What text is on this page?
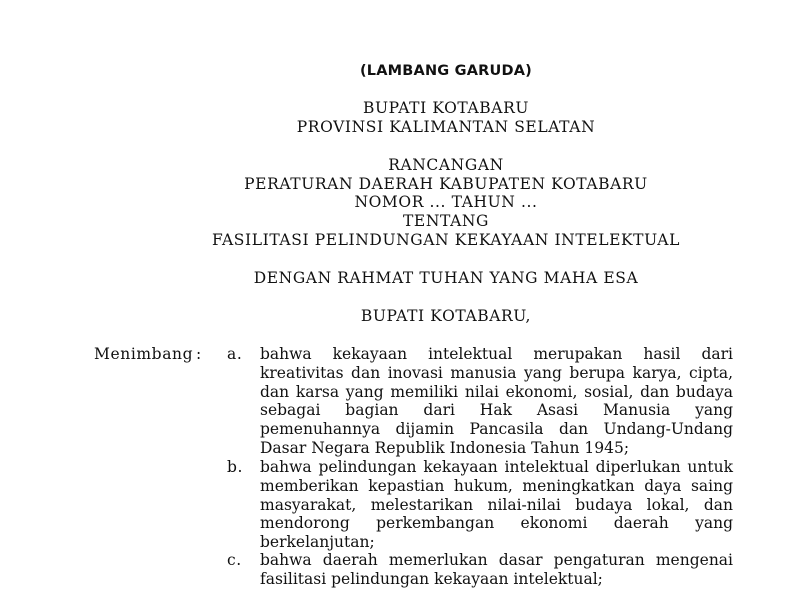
(LAMBANG GARUDA)
BUPATI KOTABARU
PROVINSI KALIMANTAN SELATAN
RANCANGAN
PERATURAN DAERAH KABUPATEN KOTABARU
NOMOR ... TAHUN ...
TENTANG
FASILITASI PELINDUNGAN KEKAYAAN INTELEKTUAL
DENGAN RAHMAT TUHAN YANG MAHA ESA
BUPATI KOTABARU,
Menimbang : a. bahwa kekayaan intelektual merupakan hasil dari kreativitas dan inovasi manusia yang berupa karya, cipta, dan karsa yang memiliki nilai ekonomi, sosial, dan budaya sebagai bagian dari Hak Asasi Manusia yang pemenuhannya dijamin Pancasila dan Undang-Undang Dasar Negara Republik Indonesia Tahun 1945;
b. bahwa pelindungan kekayaan intelektual diperlukan untuk memberikan kepastian hukum, meningkatkan daya saing masyarakat, melestarikan nilai-nilai budaya lokal, dan mendorong perkembangan ekonomi daerah yang berkelanjutan;
c. bahwa daerah memerlukan dasar pengaturan mengenai fasilitasi pelindungan kekayaan intelektual;
